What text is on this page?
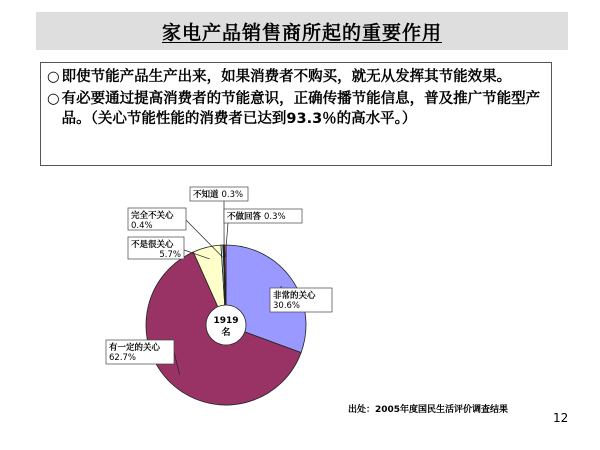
家电产品销售商所起的重要作用
○ 即使节能产品生产出来，如果消费者不购买，就无从发挥其节能效果。
○ 有必要通过提高消费者的节能意识，正确传播节能信息，普及推广节能型产品。（关心节能性能的消费者已达到93.3％的高水平。）
1919
名
非常的关心
30.6%
有一定的关心
62.7%
不是很关心
5.7%
完全不关心
0.4%
不知道 0.3%
不做回答 0.3%
出处：2005年度国民生活评价调查结果
12
